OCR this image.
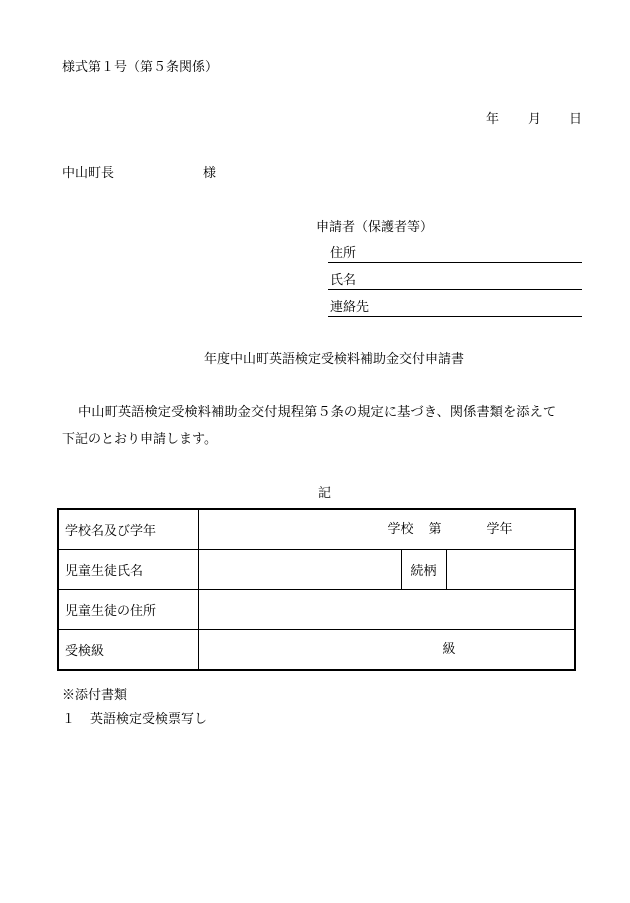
様式第１号（第５条関係）
年 月 日
中山町長	様
申請者（保護者等）
住所
氏名
連絡先
年度中山町英語検定受検料補助金交付申請書
中山町英語検定受検料補助金交付規程第５条の規定に基づき、関係書類を添えて
下記のとおり申請します。
記
学校名及び学年	学校 第 学年		

児童生徒氏名		続柄	
児童生徒の住所			
受検級	級		
※添付書類
１ 英語検定受検票写し
